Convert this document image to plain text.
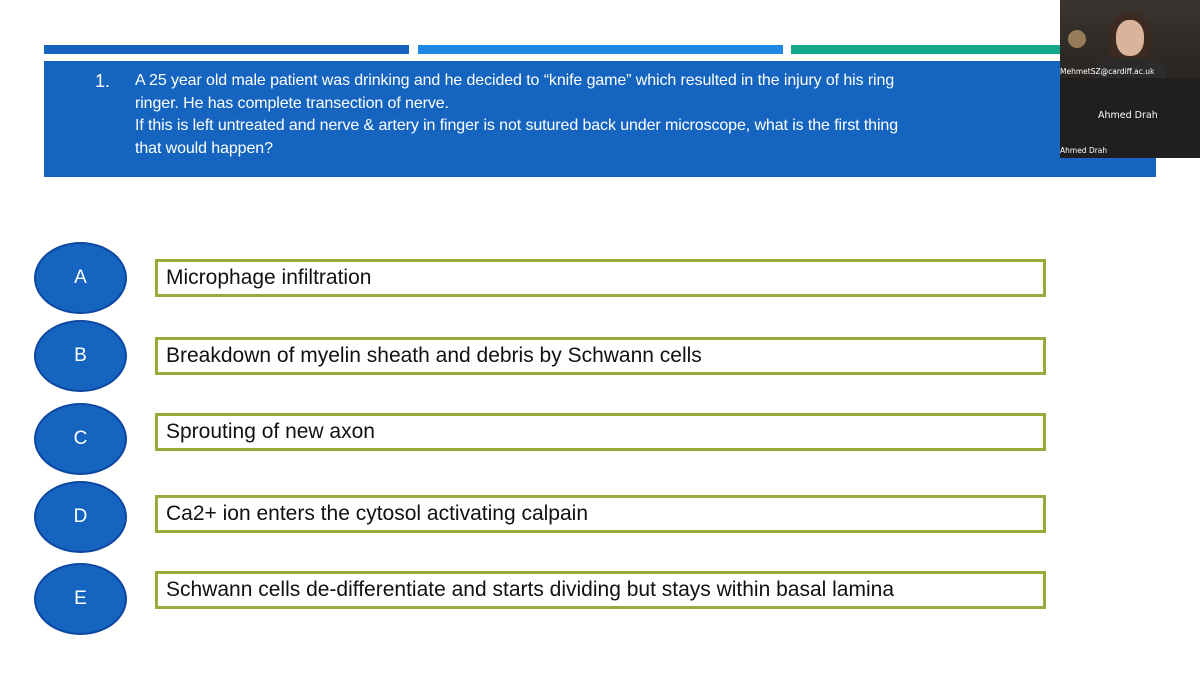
1. A 25 year old male patient was drinking and he decided to “knife game” which resulted in the injury of his ring
ringer. He has complete transection of nerve.
If this is left untreated and nerve & artery in finger is not sutured back under microscope, what is the first thing
that would happen?
A	Microphage infiltration
B	Breakdown of myelin sheath and debris by Schwann cells
C	Sprouting of new axon
D	Ca2+ ion enters the cytosol activating calpain
E	Schwann cells de-differentiate and starts dividing but stays within basal lamina
MehmetSZ@cardiff.ac.uk
Ahmed Drah
Ahmed Drah
